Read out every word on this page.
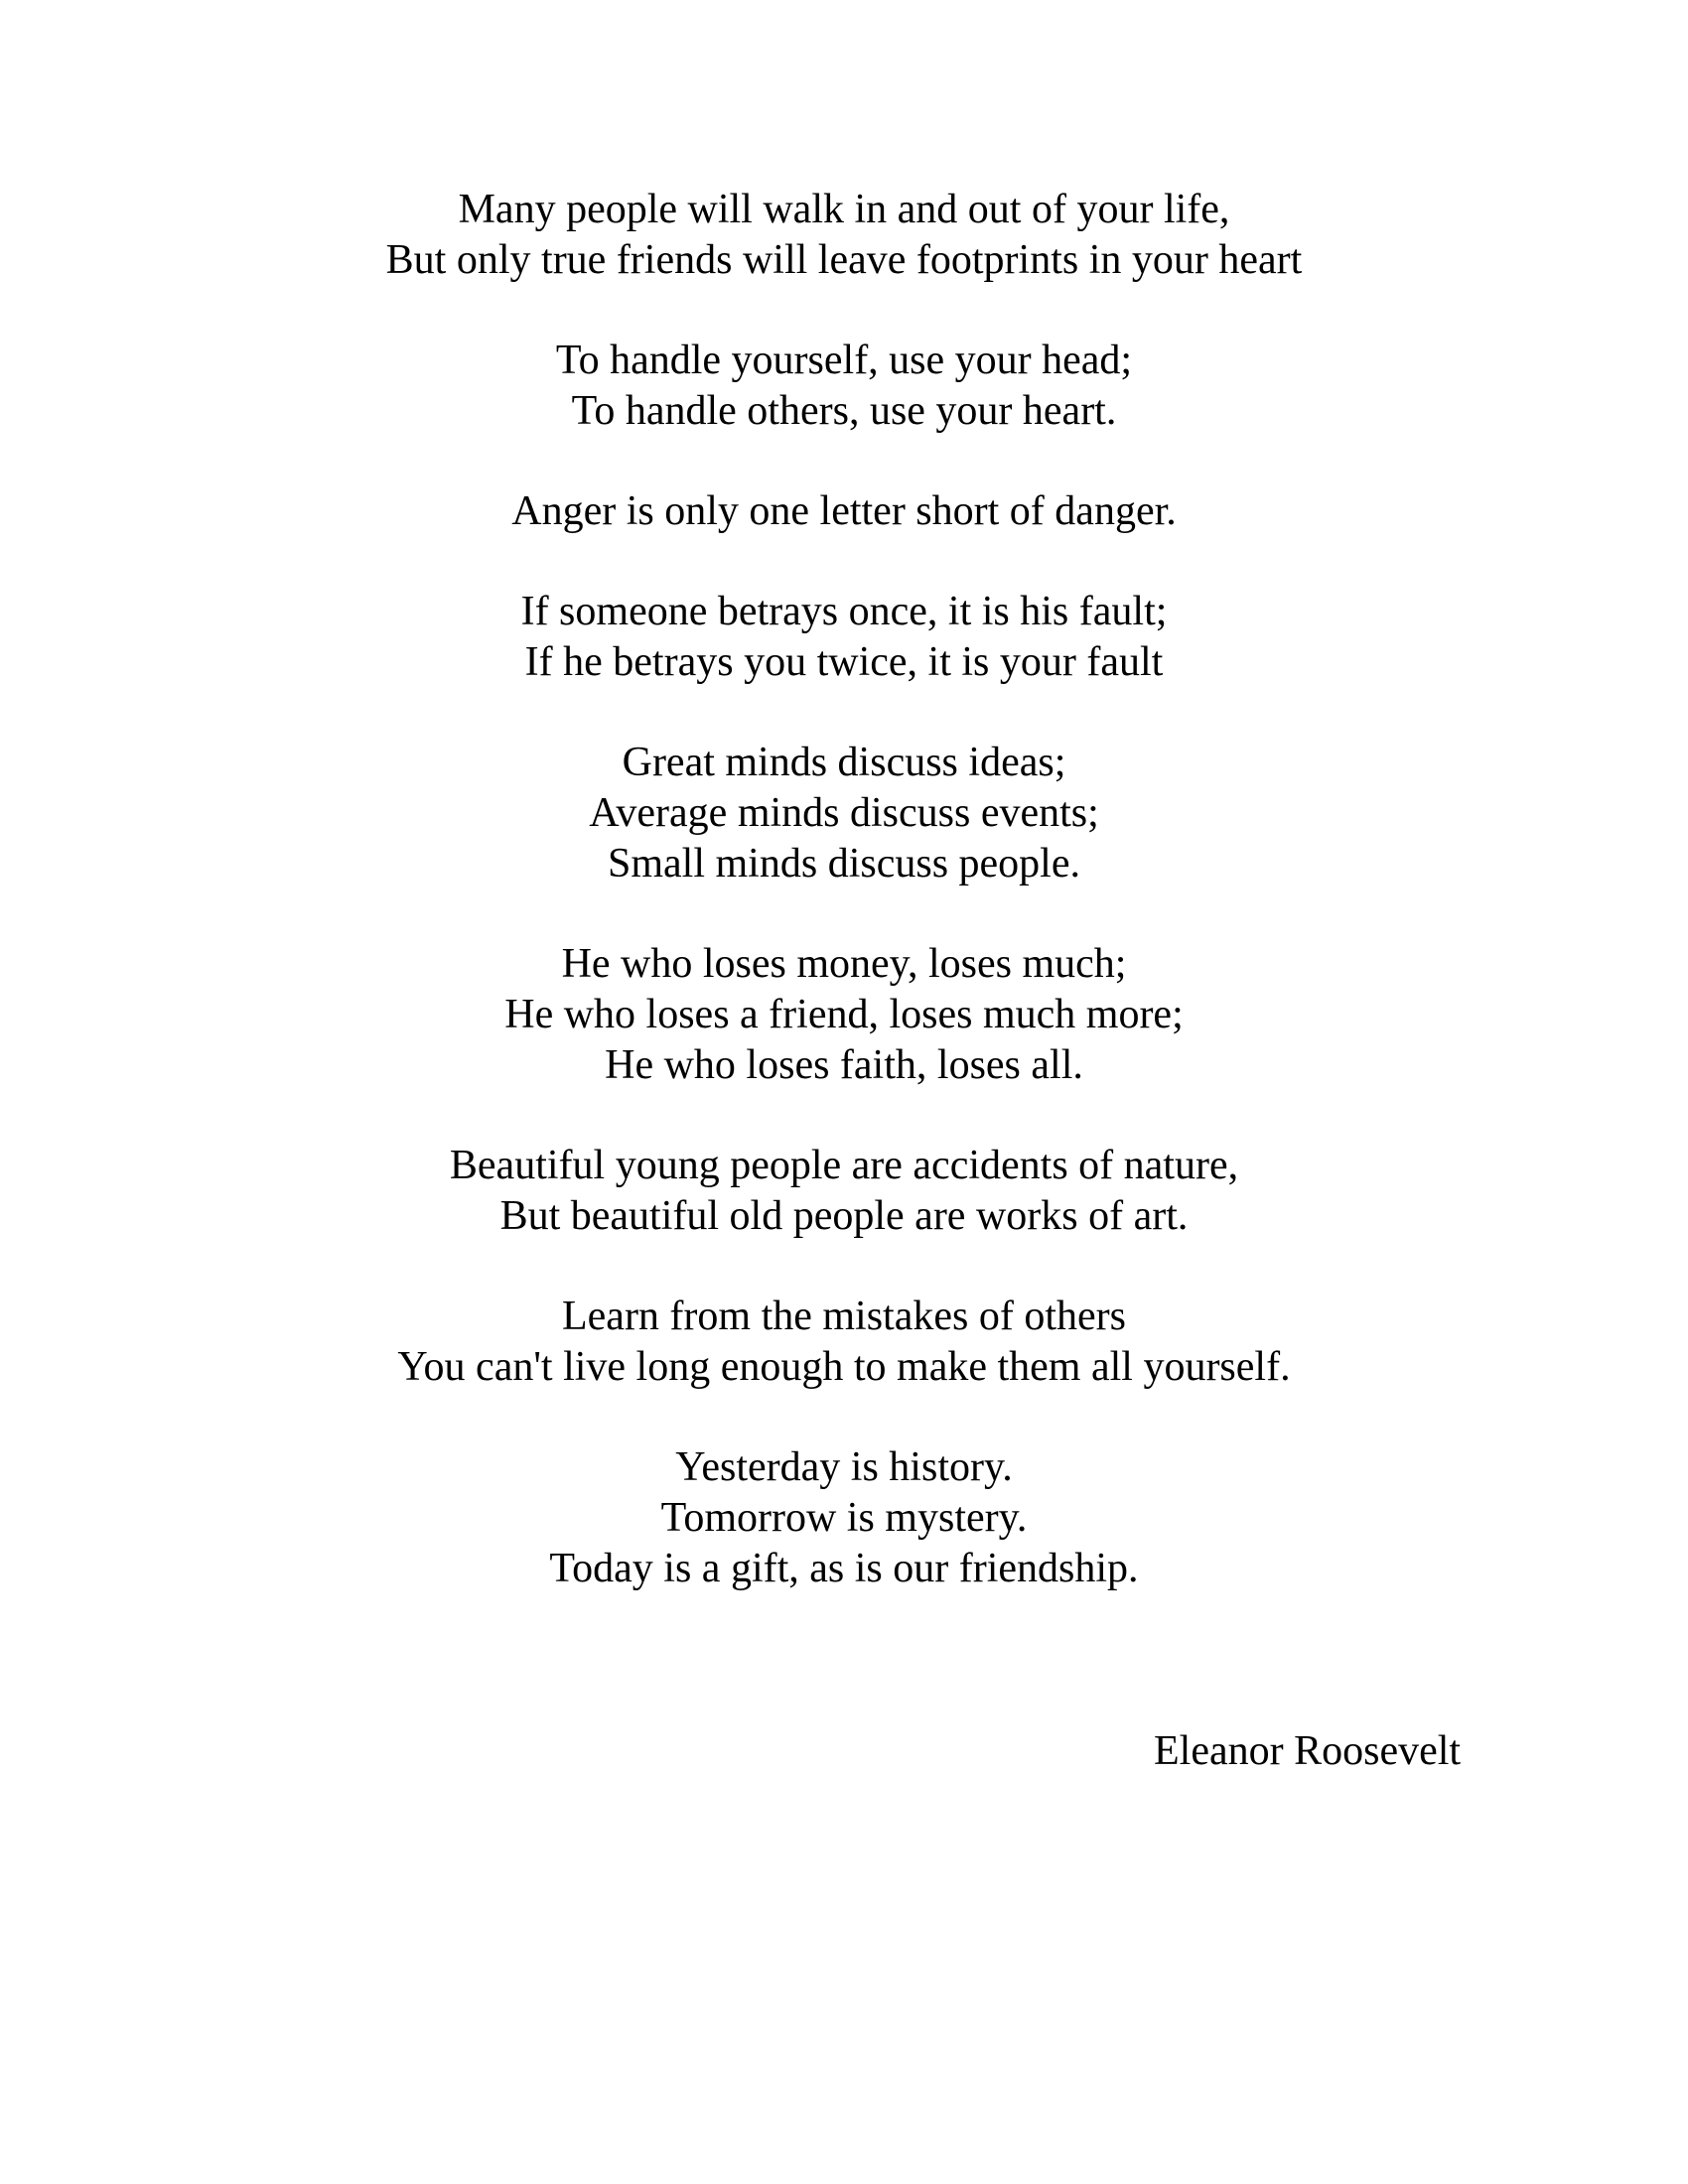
Many people will walk in and out of your life,
But only true friends will leave footprints in your heart
To handle yourself, use your head;
To handle others, use your heart.
Anger is only one letter short of danger.
If someone betrays once, it is his fault;
If he betrays you twice, it is your fault
Great minds discuss ideas;
Average minds discuss events;
Small minds discuss people.
He who loses money, loses much;
He who loses a friend, loses much more;
He who loses faith, loses all.
Beautiful young people are accidents of nature,
But beautiful old people are works of art.
Learn from the mistakes of others
You can't live long enough to make them all yourself.
Yesterday is history.
Tomorrow is mystery.
Today is a gift, as is our friendship.
Eleanor Roosevelt
